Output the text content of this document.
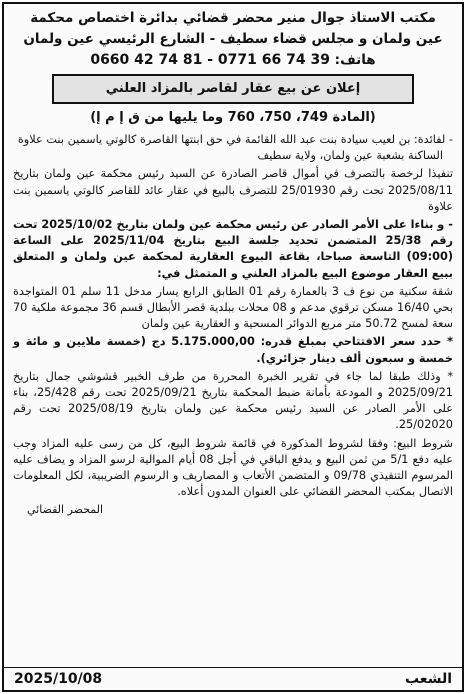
مكتب الاستاذ جوال منير محضر قضائي بدائرة اختصاص محكمة
عين ولمان و مجلس قضاء سطيف - الشارع الرئيسي عين ولمان
هاتف: 0660 42 74 81 - 0771 66 74 39
إعلان عن بيع عقار لقاصر بالمزاد العلني
(المادة 749، 750، 760 وما يليها من ق إ م إ)

- لفائدة: بن لعيب سيادة بنت عبد الله القائمة في حق ابنتها القاصرة كالوتي ياسمين بنت علاوة

الساكنة بشعبة عين ولمان، ولاية سطيف

تنفيذا لرخصة بالتصرف في أموال قاصر الصادرة عن السيد رئيس محكمة عين ولمان بتاريخ 2025/08/11 تحت رقم 25/01930 للتصرف بالبيع في عقار عائد للقاصر كالوتي ياسمين بنت علاوة

- و بناءا على الأمر الصادر عن رئيس محكمة عين ولمان بتاريخ 2025/10/02 تحت رقم 25/38 المتضمن تحديد جلسة البيع بتاريخ 2025/11/04 على الساعة (09:00) التاسعة صباحا، بقاعة البيوع العقارية لمحكمة عين ولمان و المتعلق ببيع العقار موضوع البيع بالمزاد العلني و المتمثل في:

شقة سكنية من نوع ف 3 بالعمارة رقم 01 الطابق الرابع يسار مدخل 11 سلم 01 المتواجدة بحي 16/40 مسكن ترقوي مدعم و 08 محلات ببلدية قصر الأبطال قسم 36 مجموعة ملكية 70 سعة لمسح 50.72 متر مربع الدوائر المسحية و العقارية عين ولمان

* حدد سعر الافتتاحي بمبلغ قدره: 5.175.000,00 دج (خمسة ملايين و مائة و خمسة و سبعون ألف دينار جزائري).

* وذلك طبقا لما جاء في تقرير الخبرة المحررة من طرف الخبير قشوشي جمال بتاريخ 2025/09/21 و المودعة بأمانة ضبط المحكمة بتاريخ 2025/09/21 تحت رقم 25/428، بناء على الأمر الصادر عن السيد رئيس محكمة عين ولمان بتاريخ 2025/08/19 تحت رقم 25/02020.

شروط البيع: وفقا لشروط المذكورة في قائمة شروط البيع، كل من رسى عليه المزاد وجب عليه دفع 5/1 من ثمن البيع و يدفع الباقي في أجل 08 أيام الموالية لرسو المزاد و يضاف عليه المرسوم التنفيذي 09/78 و المتضمن الأتعاب و المصاريف و الرسوم الضريبية، لكل المعلومات الاتصال بمكتب المحضر القضائي على العنوان المدون أعلاه.

المحضر القضائي
الشعب
2025/10/08
